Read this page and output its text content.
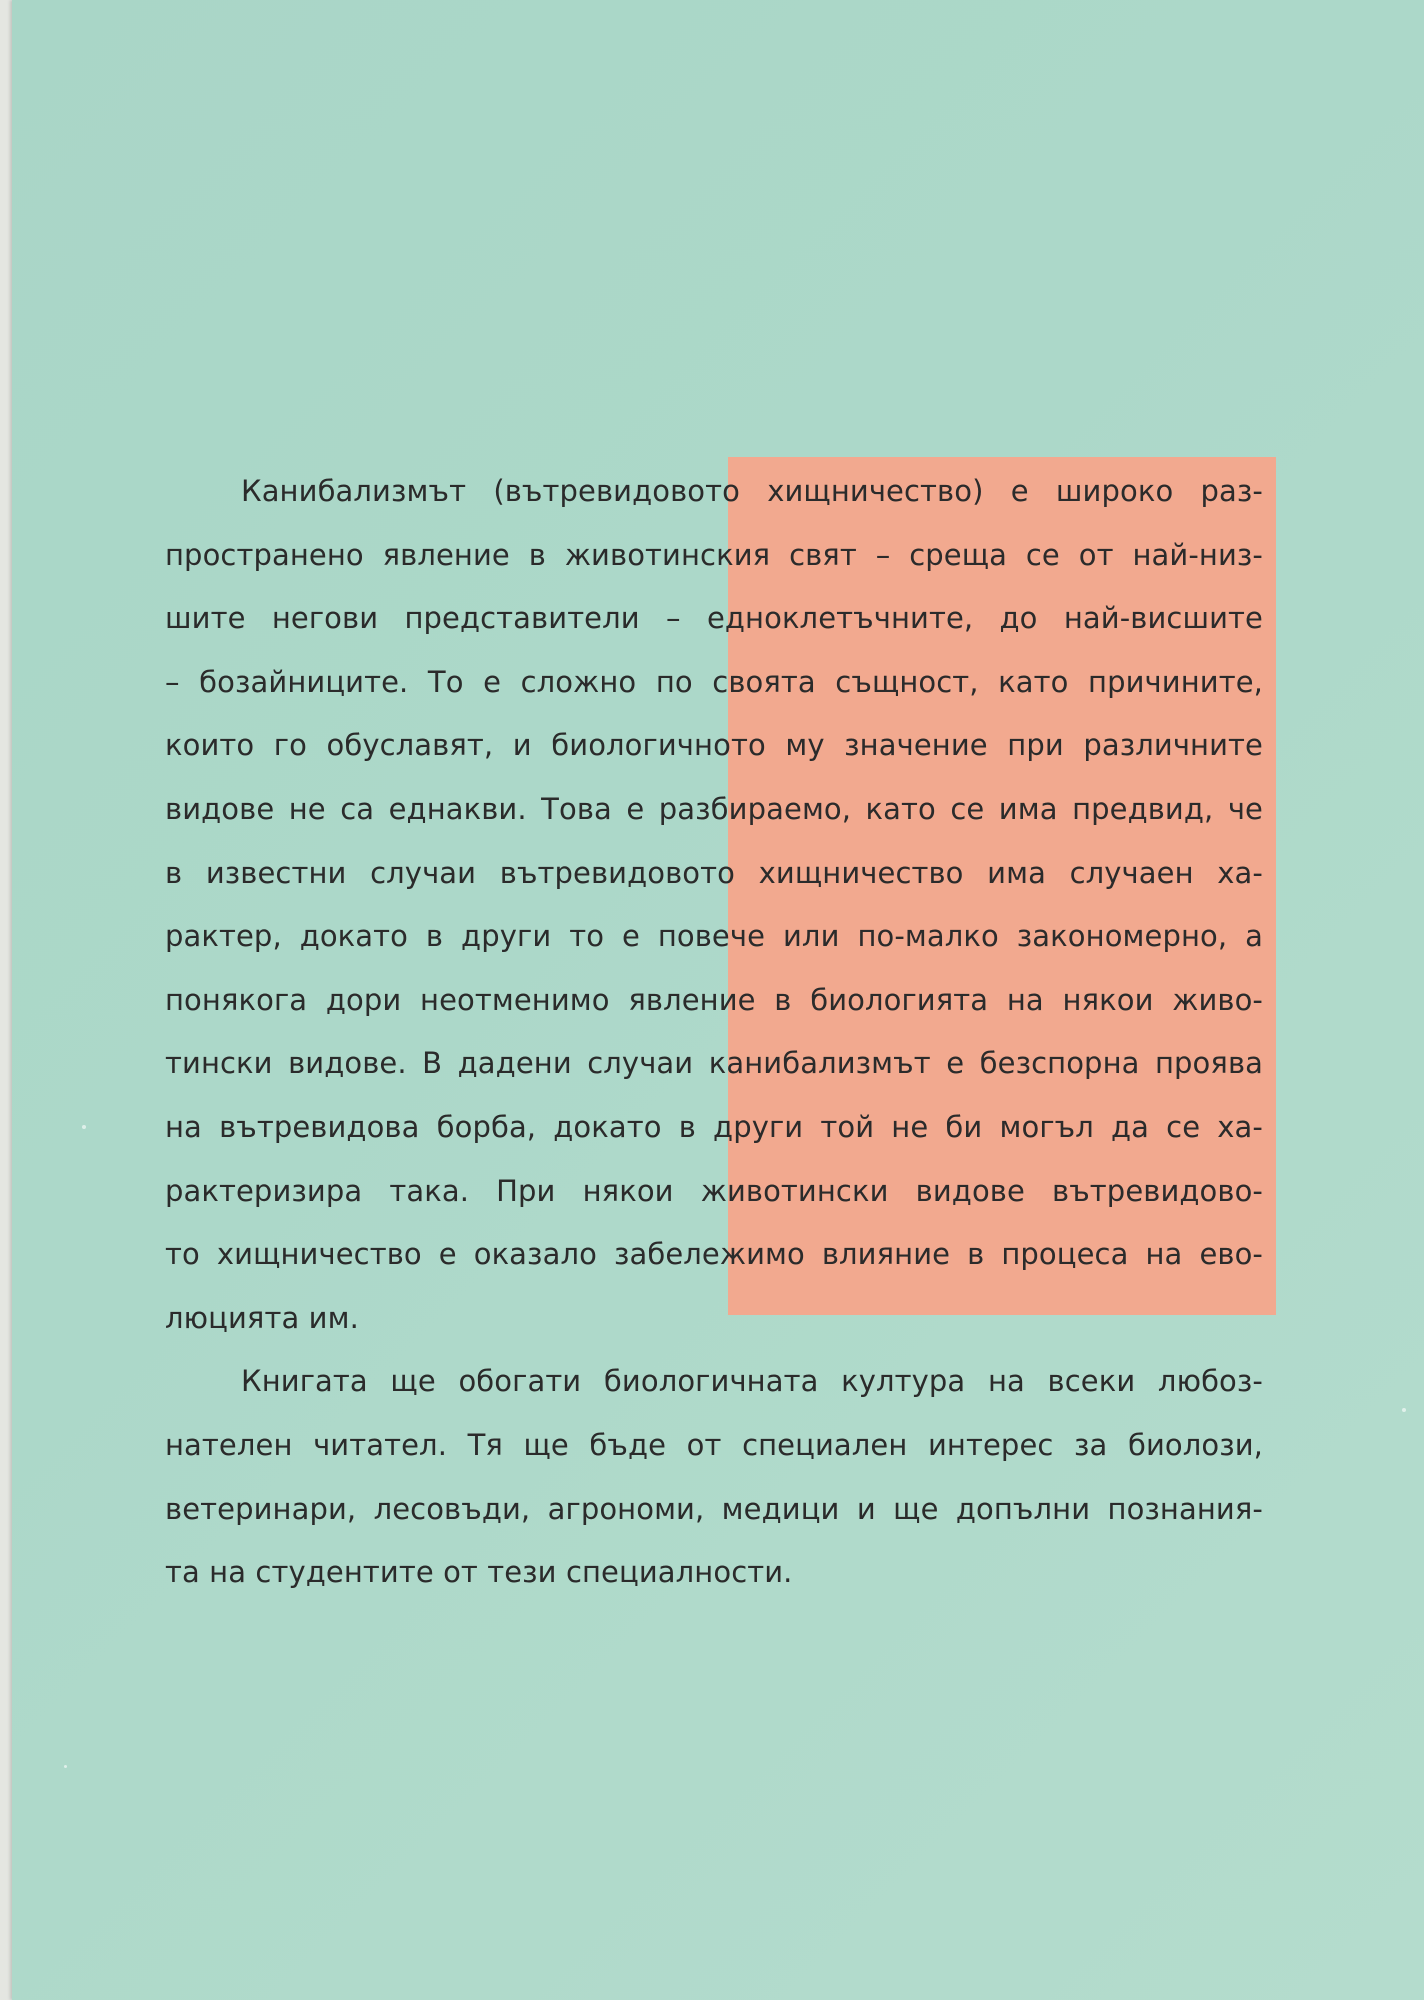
Канибализмът (вътревидовото хищничество) е широко раз-
пространено явление в животинския свят – среща се от най-низ-
шите негови представители – едноклетъчните, до най-висшите
– бозайниците. То е сложно по своята същност, като причините,
които го обуславят, и биологичното му значение при различните
видове не са еднакви. Това е разбираемо, като се има предвид, че
в известни случаи вътревидовото хищничество има случаен ха-
рактер, докато в други то е повече или по-малко закономерно, а
понякога дори неотменимо явление в биологията на някои живо-
тински видове. В дадени случаи канибализмът е безспорна проява
на вътревидова борба, докато в други той не би могъл да се ха-
рактеризира така. При някои животински видове вътревидово-
то хищничество е оказало забележимо влияние в процеса на ево-
люцията им.
Книгата ще обогати биологичната култура на всеки любоз-
нателен читател. Тя ще бъде от специален интерес за биолози,
ветеринари, лесовъди, агрономи, медици и ще допълни познания-
та на студентите от тези специалности.
